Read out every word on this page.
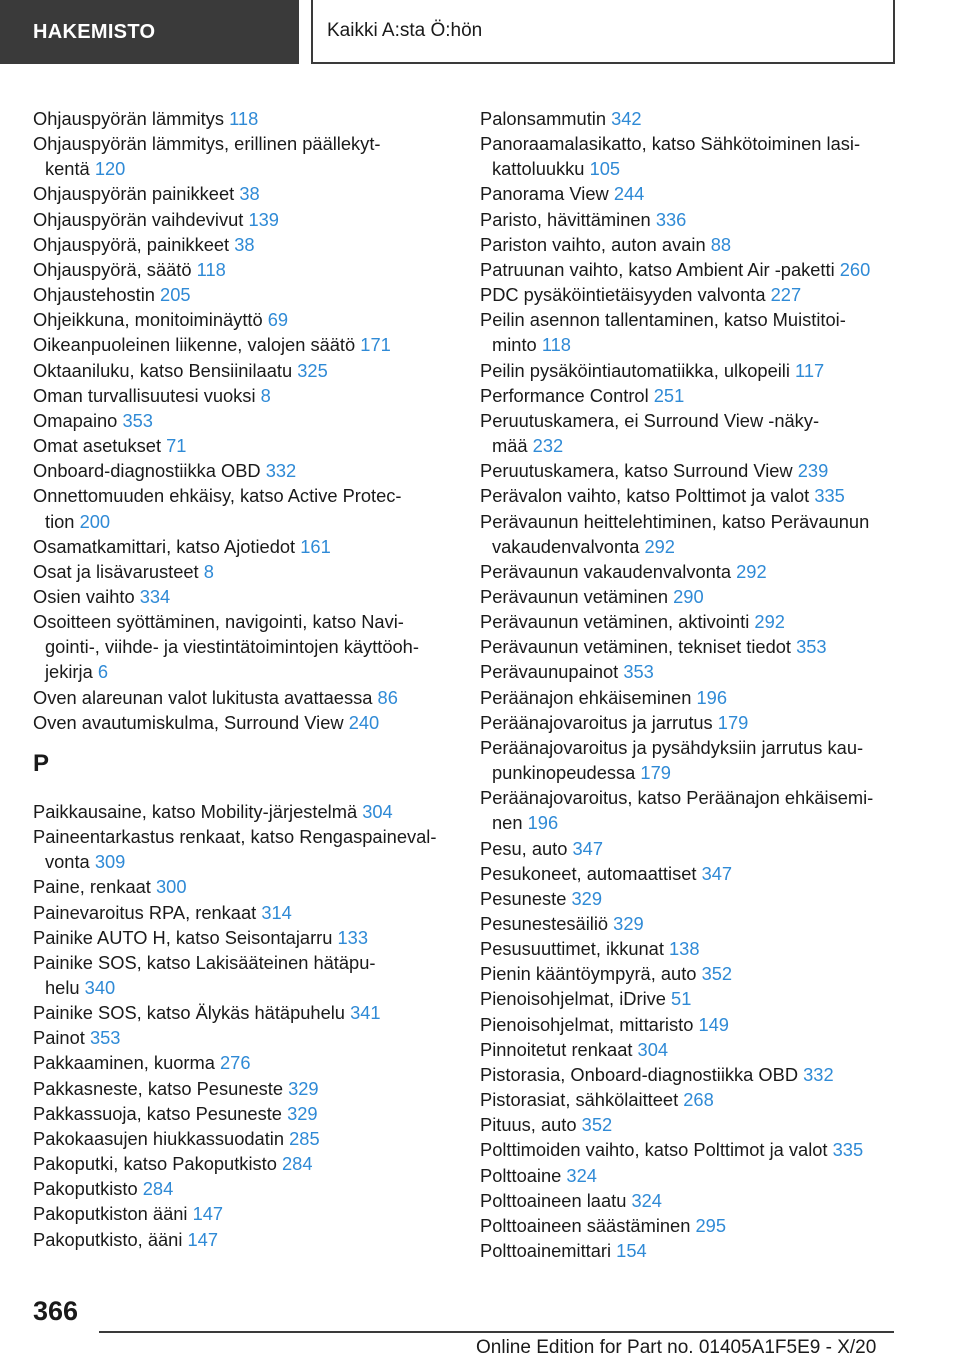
HAKEMISTO	Kaikki A:sta Ö:hön
Ohjauspyörän lämmitys 118
Ohjauspyörän lämmitys, erillinen päällekyt-
kentä 120
Ohjauspyörän painikkeet 38
Ohjauspyörän vaihdevivut 139
Ohjauspyörä, painikkeet 38
Ohjauspyörä, säätö 118
Ohjaustehostin 205
Ohjeikkuna, monitoiminäyttö 69
Oikeanpuoleinen liikenne, valojen säätö 171
Oktaaniluku, katso Bensiinilaatu 325
Oman turvallisuutesi vuoksi 8
Omapaino 353
Omat asetukset 71
Onboard-diagnostiikka OBD 332
Onnettomuuden ehkäisy, katso Active Protec-
tion 200
Osamatkamittari, katso Ajotiedot 161
Osat ja lisävarusteet 8
Osien vaihto 334
Osoitteen syöttäminen, navigointi, katso Navi-
gointi-, viihde- ja viestintätoimintojen käyttöoh-
jekirja 6
Oven alareunan valot lukitusta avattaessa 86
Oven avautumiskulma, Surround View 240
P
Paikkausaine, katso Mobility-järjestelmä 304
Paineentarkastus renkaat, katso Rengaspaineval-
vonta 309
Paine, renkaat 300
Painevaroitus RPA, renkaat 314
Painike AUTO H, katso Seisontajarru 133
Painike SOS, katso Lakisääteinen hätäpu-
helu 340
Painike SOS, katso Älykäs hätäpuhelu 341
Painot 353
Pakkaaminen, kuorma 276
Pakkasneste, katso Pesuneste 329
Pakkassuoja, katso Pesuneste 329
Pakokaasujen hiukkassuodatin 285
Pakoputki, katso Pakoputkisto 284
Pakoputkisto 284
Pakoputkiston ääni 147
Pakoputkisto, ääni 147
Palonsammutin 342
Panoraamalasikatto, katso Sähkötoiminen lasi-
kattoluukku 105
Panorama View 244
Paristo, hävittäminen 336
Pariston vaihto, auton avain 88
Patruunan vaihto, katso Ambient Air -paketti 260
PDC pysäköintietäisyyden valvonta 227
Peilin asennon tallentaminen, katso Muistitoi-
minto 118
Peilin pysäköintiautomatiikka, ulkopeili 117
Performance Control 251
Peruutuskamera, ei Surround View -näky-
mää 232
Peruutuskamera, katso Surround View 239
Perävalon vaihto, katso Polttimot ja valot 335
Perävaunun heittelehtiminen, katso Perävaunun
vakaudenvalvonta 292
Perävaunun vakaudenvalvonta 292
Perävaunun vetäminen 290
Perävaunun vetäminen, aktivointi 292
Perävaunun vetäminen, tekniset tiedot 353
Perävaunupainot 353
Peräänajon ehkäiseminen 196
Peräänajovaroitus ja jarrutus 179
Peräänajovaroitus ja pysähdyksiin jarrutus kau-
punkinopeudessa 179
Peräänajovaroitus, katso Peräänajon ehkäisemi-
nen 196
Pesu, auto 347
Pesukoneet, automaattiset 347
Pesuneste 329
Pesunestesäiliö 329
Pesusuuttimet, ikkunat 138
Pienin kääntöympyrä, auto 352
Pienoisohjelmat, iDrive 51
Pienoisohjelmat, mittaristo 149
Pinnoitetut renkaat 304
Pistorasia, Onboard-diagnostiikka OBD 332
Pistorasiat, sähkölaitteet 268
Pituus, auto 352
Polttimoiden vaihto, katso Polttimot ja valot 335
Polttoaine 324
Polttoaineen laatu 324
Polttoaineen säästäminen 295
Polttoainemittari 154
366
Online Edition for Part no. 01405A1F5E9 - X/20
